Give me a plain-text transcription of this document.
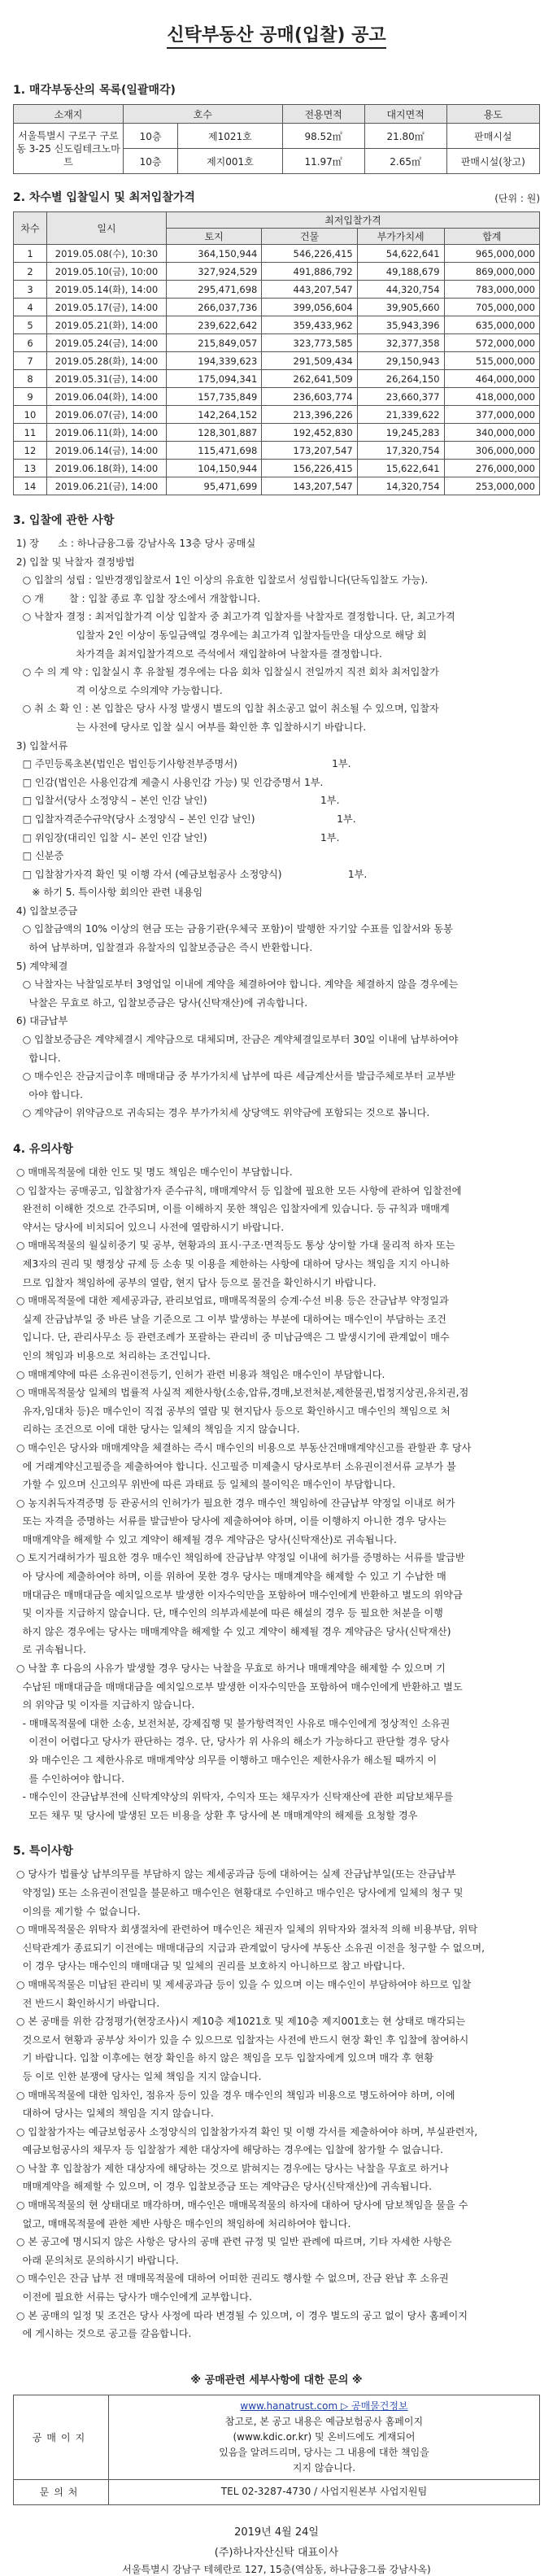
신탁부동산 공매(입찰) 공고
1. 매각부동산의 목록(일괄매각)
소재지	호수		전용면적	대지면적	용도
서울특별시 구로구 구로동 3-25 신도림테크노마트	10층	제1021호	98.52㎡	21.80㎡	판매시설
	10층	제지001호	11.97㎡	2.65㎡	판매시설(창고)
2. 차수별 입찰일시 및 최저입찰가격	(단위 : 원)
차수	일시	최저입찰가격			
		토지	건물	부가가치세	합계
1	2019.05.08(수), 10:30	364,150,944	546,226,415	54,622,641	965,000,000
2	2019.05.10(금), 10:00	327,924,529	491,886,792	49,188,679	869,000,000
3	2019.05.14(화), 14:00	295,471,698	443,207,547	44,320,754	783,000,000
4	2019.05.17(금), 14:00	266,037,736	399,056,604	39,905,660	705,000,000
5	2019.05.21(화), 14:00	239,622,642	359,433,962	35,943,396	635,000,000
6	2019.05.24(금), 14:00	215,849,057	323,773,585	32,377,358	572,000,000
7	2019.05.28(화), 14:00	194,339,623	291,509,434	29,150,943	515,000,000
8	2019.05.31(금), 14:00	175,094,341	262,641,509	26,264,150	464,000,000
9	2019.06.04(화), 14:00	157,735,849	236,603,774	23,660,377	418,000,000
10	2019.06.07(금), 14:00	142,264,152	213,396,226	21,339,622	377,000,000
11	2019.06.11(화), 14:00	128,301,887	192,452,830	19,245,283	340,000,000
12	2019.06.14(금), 14:00	115,471,698	173,207,547	17,320,754	306,000,000
13	2019.06.18(화), 14:00	104,150,944	156,226,415	15,622,641	276,000,000
14	2019.06.21(금), 14:00	95,471,699	143,207,547	14,320,754	253,000,000
3. 입찰에 관한 사항
1) 장      소 : 하나금융그룹 강남사옥 13층 당사 공매실
2) 입찰 및 낙찰자 결정방법
○ 입찰의 성립 : 일반경쟁입찰로서 1인 이상의 유효한 입찰로서 성립합니다(단독입찰도 가능).
○ 개        찰 : 입찰 종료 후 입찰 장소에서 개찰합니다.
○ 낙찰자 결정 : 최저입찰가격 이상 입찰자 중 최고가격 입찰자를 낙찰자로 결정합니다. 단, 최고가격
입찰자 2인 이상이 동일금액일 경우에는 최고가격 입찰자들만을 대상으로 해당 회
차가격을 최저입찰가격으로 즉석에서 재입찰하여 낙찰자를 결정합니다.
○ 수 의 계 약 : 입찰실시 후 유찰될 경우에는 다음 회차 입찰실시 전일까지 직전 회차 최저입찰가
격 이상으로 수의계약 가능합니다.
○ 취 소 확 인 : 본 입찰은 당사 사정 발생시 별도의 입찰 취소공고 없이 취소될 수 있으며, 입찰자
는 사전에 당사로 입찰 실시 여부를 확인한 후 입찰하시기 바랍니다.
3) 입찰서류
□ 주민등록초본(법인은 법인등기사항전부증명서)                              1부.
□ 인감(법인은 사용인감계 제출시 사용인감 가능) 및 인감증명서 1부.
□ 입찰서(당사 소정양식 – 본인 인감 날인)                                    1부.
□ 입찰자격준수규약(당사 소정양식 – 본인 인감 날인)                          1부.
□ 위임장(대리인 입찰 시– 본인 인감 날인)                                    1부.
□ 신분증
□ 입찰참가자격 확인 및 이행 각서 (예금보험공사 소정양식)                     1부.
※ 하기 5. 특이사항 회의안 관련 내용임
4) 입찰보증금
○ 입찰금액의 10% 이상의 현금 또는 금융기관(우체국 포함)이 발행한 자기앞 수표를 입찰서와 동봉
하여 납부하며, 입찰결과 유찰자의 입찰보증금은 즉시 반환합니다.
5) 계약체결
○ 낙찰자는 낙찰일로부터 3영업일 이내에 계약을 체결하여야 합니다. 계약을 체결하지 않을 경우에는
낙찰은 무효로 하고, 입찰보증금은 당사(신탁재산)에 귀속합니다.
6) 대금납부
○ 입찰보증금은 계약체결시 계약금으로 대체되며, 잔금은 계약체결일로부터 30일 이내에 납부하여야
합니다.
○ 매수인은 잔금지급이후 매매대금 중 부가가치세 납부에 따른 세금계산서를 발급주체로부터 교부받
아야 합니다.
○ 계약금이 위약금으로 귀속되는 경우 부가가치세 상당액도 위약금에 포함되는 것으로 봅니다.
4. 유의사항
○ 매매목적물에 대한 인도 및 명도 책임은 매수인이 부담합니다.
○ 입찰자는 공매공고, 입찰참가자 준수규칙, 매매계약서 등 입찰에 필요한 모든 사항에 관하여 입찰전에
완전히 이해한 것으로 간주되며, 이를 이해하지 못한 책임은 입찰자에게 있습니다. 등 규칙과 매매계
약서는 당사에 비치되어 있으니 사전에 열람하시기 바랍니다.
○ 매매목적물의 월실히중기 및 공부, 현황과의 표시·구조·면적등도 통상 상이할 가대 물리적 하자 또는
제3자의 권리 및 행정상 규제 등 소송 및 이용을 제한하는 사항에 대하여 당사는 책임을 지지 아니하
므로 입찰자 책임하에 공부의 열람, 현지 답사 등으로 물건을 확인하시기 바랍니다.
○ 매매목적물에 대한 제세공과금, 관리보업료, 매매목적물의 승계·수선 비용 등은 잔금납부 약정일과
실제 잔금납부일 중 바른 날을 기준으로 그 이부 발생하는 부분에 대하여는 매수인이 부담하는 조건
입니다. 단, 관리사무소 등 관련조례가 포괄하는 관리비 중 미납금액은 그 발생시기에 관계없이 매수
인의 책임과 비용으로 처리하는 조건입니다.
○ 매매계약에 따른 소유권이전등기, 인허가 관련 비용과 책임은 매수인이 부담합니다.
○ 매매목적물상 일체의 법률적 사실적 제한사항(소송,압류,경매,보전처분,제한물권,법정지상권,유치권,점
유자,임대차 등)은 매수인이 직접 공부의 열람 및 현지답사 등으로 확인하시고 매수인의 책임으로 처
리하는 조건으로 이에 대한 당사는 일체의 책임을 지지 않습니다.
○ 매수인은 당사와 매매계약을 체결하는 즉시 매수인의 비용으로 부동산건매매계약신고를 관할관 후 당사
에 거래계약신고필증을 제출하여야 합니다. 신고필증 미제출시 당사로부터 소유권이전서류 교부가 불
가할 수 있으며 신고의무 위반에 따른 과태료 등 일체의 불이익은 매수인이 부담합니다.
○ 농지취득자격증명 등 관공서의 인허가가 필요한 경우 매수인 책임하에 잔금납부 약정일 이내로 허가
또는 자격을 증명하는 서류를 발급받아 당사에 제출하여야 하며, 이를 이행하지 아니한 경우 당사는
매매계약을 해제할 수 있고 계약이 해제될 경우 계약금은 당사(신탁재산)로 귀속됩니다.
○ 토지거래허가가 필요한 경우 매수인 책임하에 잔금납부 약정일 이내에 허가를 증명하는 서류를 발급받
아 당사에 제출하여야 하며, 이를 위하여 못한 경우 당사는 매매계약을 해제할 수 있고 기 수납한 매
매대금은 매매대금을 예치일으로부 발생한 이자수익만을 포함하여 매수인에게 반환하고 별도의 위약금
및 이자를 지급하지 않습니다. 단, 매수인의 의부과세분에 따른 해설의 경우 등 필요한 처분을 이행
하지 않은 경우에는 당사는 매매계약을 해제할 수 있고 계약이 해제될 경우 계약금은 당사(신탁재산)
로 귀속됩니다.
○ 낙찰 후 다음의 사유가 발생할 경우 당사는 낙찰을 무효로 하거나 매매계약을 해제할 수 있으며 기
수납된 매매대금을 매매대금을 예치일으로부 발생한 이자수익만을 포함하여 매수인에게 반환하고 별도
의 위약금 및 이자를 지급하지 않습니다.
- 매매목적물에 대한 소송, 보전처분, 강제집행 및 불가항력적인 사유로 매수인에게 정상적인 소유권
이전이 어렵다고 당사가 판단하는 경우. 단, 당사가 위 사유의 해소가 가능하다고 판단할 경우 당사
와 매수인은 그 제한사유로 매매계약상 의무를 이행하고 매수인은 제한사유가 해소될 때까지 이
를 수인하여야 합니다.
- 매수인이 잔금납부전에 신탁계약상의 위탁자, 수익자 또는 채무자가 신탁재산에 관한 피담보채무를
모든 채무 및 당사에 발생된 모든 비용을 상환 후 당사에 본 매매계약의 해제를 요청할 경우
5. 특이사항
○ 당사가 법률상 납부의무를 부담하지 않는 제세공과금 등에 대하여는 실제 잔금납부일(또는 잔금납부
약정일) 또는 소유권이전일을 불문하고 매수인은 현황대로 수인하고 매수인은 당사에게 일체의 청구 및
이의를 제기할 수 없습니다.
○ 매매목적물은 위탁자 회생절차에 관련하여 매수인은 채권자 일체의 위탁자와 절차적 의해 비용부담, 위탁
신탁관계가 종료되기 이전에는 매매대금의 지급과 관계없이 당사에 부동산 소유권 이전을 청구할 수 없으며,
이 경우 당사는 매수인의 매매대금 및 일체의 권리를 보호하지 아니하므로 참고 바랍니다.
○ 매매목적물은 미납된 관리비 및 제세공과금 등이 있을 수 있으며 이는 매수인이 부담하여야 하므로 입찰
전 반드시 확인하시기 바랍니다.
○ 본 공매를 위한 감정평가(현장조사)시 제10층 제1021호 및 제10층 제지001호는 현 상태로 매각되는
것으로서 현황과 공부상 차이가 있을 수 있으므로 입찰자는 사전에 반드시 현장 확인 후 입찰에 참여하시
기 바랍니다. 입찰 이후에는 현장 확인을 하지 않은 책임을 모두 입찰자에게 있으며 매각 후 현황
등 이로 인한 분쟁에 당사는 일체 책임을 지지 않습니다.
○ 매매목적물에 대한 임차인, 점유자 등이 있을 경우 매수인의 책임과 비용으로 명도하여야 하며, 이에
대하여 당사는 일체의 책임을 지지 않습니다.
○ 입찰참가자는 예금보험공사 소정양식의 입찰참가자격 확인 및 이행 각서를 제출하여야 하며, 부실관련자,
예금보험공사의 채무자 등 입찰참가 제한 대상자에 해당하는 경우에는 입찰에 참가할 수 없습니다.
○ 낙찰 후 입찰참가 제한 대상자에 해당하는 것으로 밝혀지는 경우에는 당사는 낙찰을 무효로 하거나
매매계약을 해제할 수 있으며, 이 경우 입찰보증금 또는 계약금은 당사(신탁재산)에 귀속됩니다.
○ 매매목적물의 현 상태대로 매각하며, 매수인은 매매목적물의 하자에 대하여 당사에 담보책임을 물을 수
없고, 매매목적물에 관한 제반 사항은 매수인의 책임하에 처리하여야 합니다.
○ 본 공고에 명시되지 않은 사항은 당사의 공매 관련 규정 및 일반 관례에 따르며, 기타 자세한 사항은
아래 문의처로 문의하시기 바랍니다.
○ 매수인은 잔금 납부 전 매매목적물에 대하여 어떠한 권리도 행사할 수 없으며, 잔금 완납 후 소유권
이전에 필요한 서류는 당사가 매수인에게 교부합니다.
○ 본 공매의 일정 및 조건은 당사 사정에 따라 변경될 수 있으며, 이 경우 별도의 공고 없이 당사 홈페이지
에 게시하는 것으로 공고를 갈음합니다.
※ 공매관련 세부사항에 대한 문의 ※
공매이지	www.hanatrust.com ▷ 공매물건정보
참고로, 본 공고 내용은 예금보험공사 홈페이지
(www.kdic.or.kr) 및 온비드에도 게재되어
있음을 알려드리며, 당사는 그 내용에 대한 책임을
지지 않습니다.

문의처	TEL 02-3287-4730 / 사업지원본부 사업지원팀
2019년 4월 24일
(주)하나자산신탁 대표이사
서울특별시 강남구 테헤란로 127, 15층(역삼동, 하나금융그룹 강남사옥)
